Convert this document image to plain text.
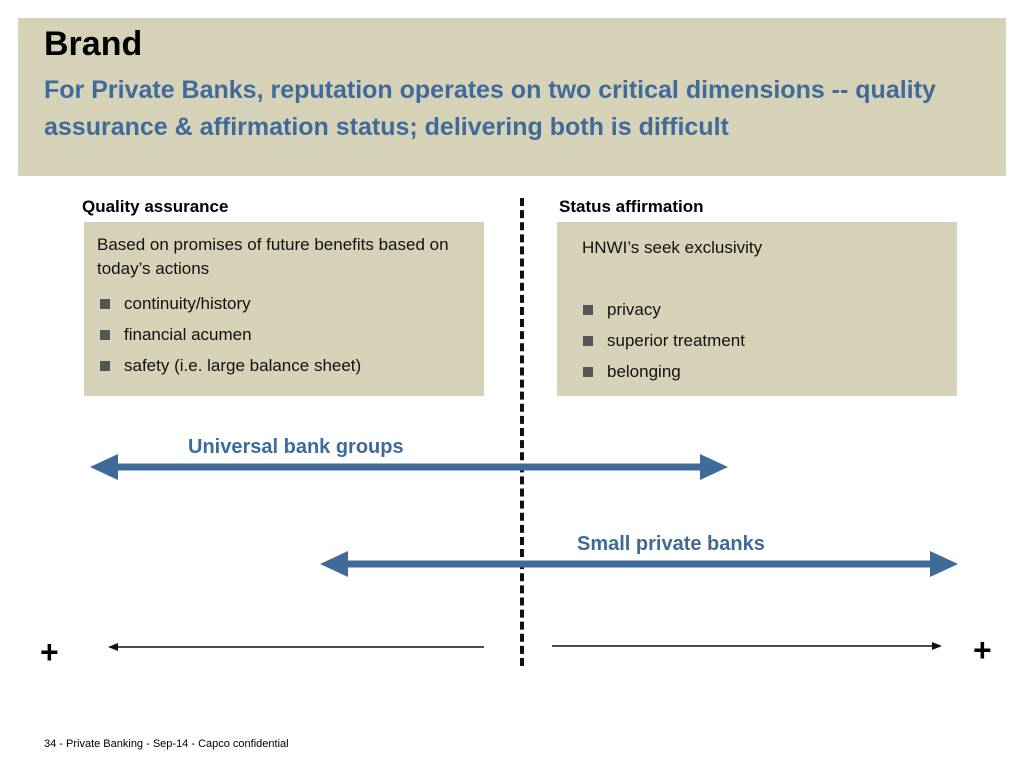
Brand
For Private Banks, reputation operates on two critical dimensions -- quality assurance & affirmation status; delivering both is difficult
Quality assurance	Status affirmation
Based on promises of future benefits based on today’s actions
continuity/history
financial acumen
safety (i.e. large balance sheet)
HNWI’s seek exclusivity
privacy
superior treatment
belonging
Universal bank groups
Small private banks
+	+
34 - Private Banking - Sep-14 - Capco confidential
